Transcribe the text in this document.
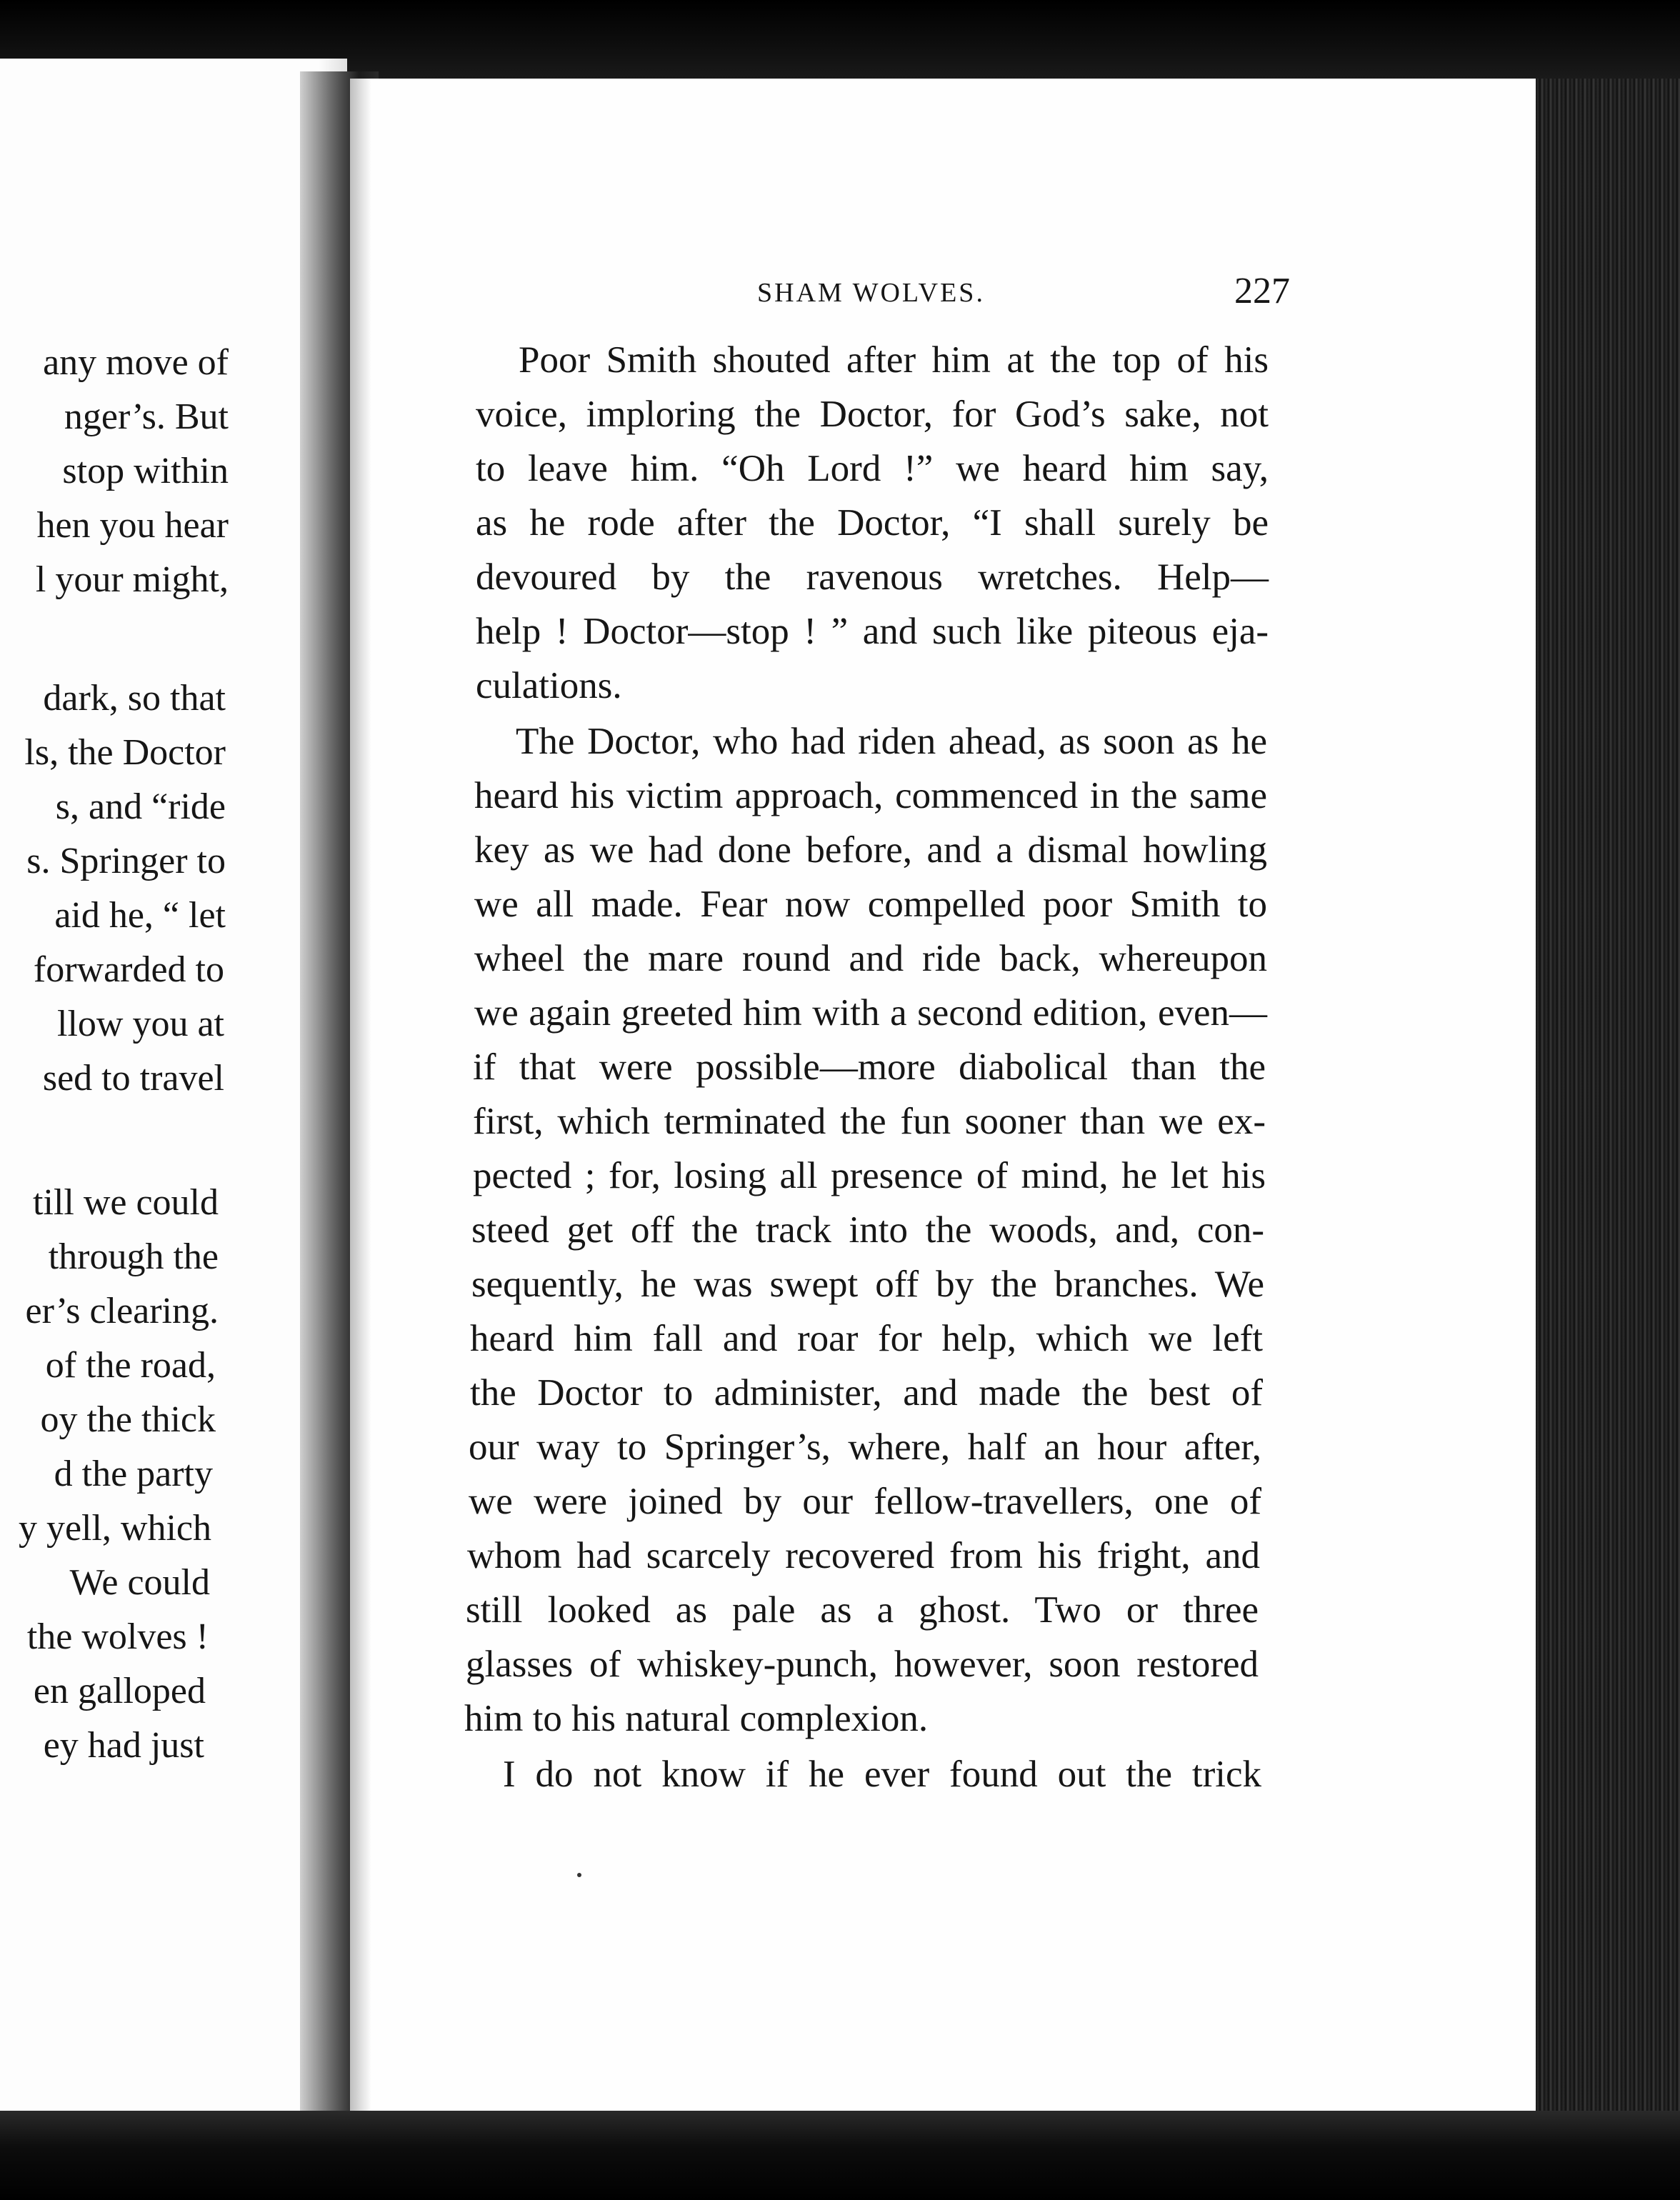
any move of
nger’s. But
stop within
hen you hear
l your might,
dark, so that
ls, the Doctor
s, and “ride
s. Springer to
aid he, “ let
forwarded to
llow you at
sed to travel
till we could
through the
er’s clearing.
of the road,
oy the thick
d the party
y yell, which
We could
the wolves !
en galloped
ey had just
SHAM WOLVES.	227
Poor Smith shouted after him at the top of his
voice, imploring the Doctor, for God’s sake, not
to leave him. “Oh Lord !” we heard him say,
as he rode after the Doctor, “I shall surely be
devoured by the ravenous wretches. Help—
help ! Doctor—stop ! ” and such like piteous eja-
culations.
The Doctor, who had riden ahead, as soon as he
heard his victim approach, commenced in the same
key as we had done before, and a dismal howling
we all made. Fear now compelled poor Smith to
wheel the mare round and ride back, whereupon
we again greeted him with a second edition, even—
if that were possible—more diabolical than the
first, which terminated the fun sooner than we ex-
pected ; for, losing all presence of mind, he let his
steed get off the track into the woods, and, con-
sequently, he was swept off by the branches. We
heard him fall and roar for help, which we left
the Doctor to administer, and made the best of
our way to Springer’s, where, half an hour after,
we were joined by our fellow-travellers, one of
whom had scarcely recovered from his fright, and
still looked as pale as a ghost. Two or three
glasses of whiskey-punch, however, soon restored
him to his natural complexion.
I do not know if he ever found out the trick
